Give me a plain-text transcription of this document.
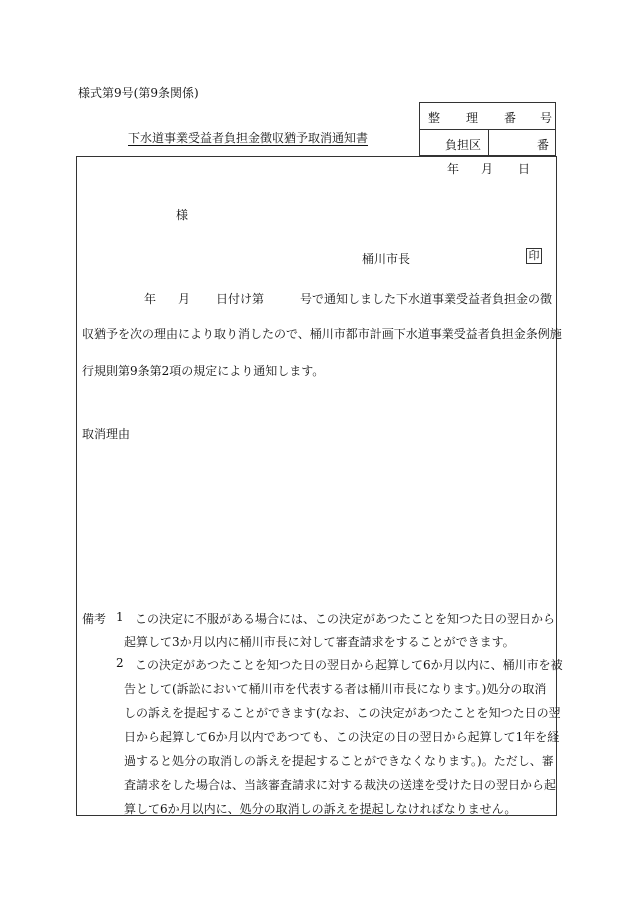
様式第9号(第9条関係)
下水道事業受益者負担金徴収猶予取消通知書
整 理 番 号
負担区	番
年 月 日
様
桶川市長	印
年 月 日付け第	号で通知しました下水道事業受益者負担金の徴
収猶予を次の理由により取り消したので、桶川市都市計画下水道事業受益者負担金条例施
行規則第9条第2項の規定により通知します。
取消理由
備考 1 この決定に不服がある場合には、この決定があつたことを知つた日の翌日から
起算して3か月以内に桶川市長に対して審査請求をすることができます。
2 この決定があつたことを知つた日の翌日から起算して6か月以内に、桶川市を被
告として(訴訟において桶川市を代表する者は桶川市長になります。)処分の取消
しの訴えを提起することができます(なお、この決定があつたことを知つた日の翌
日から起算して6か月以内であつても、この決定の日の翌日から起算して1年を経
過すると処分の取消しの訴えを提起することができなくなります。)。ただし、審
査請求をした場合は、当該審査請求に対する裁決の送達を受けた日の翌日から起
算して6か月以内に、処分の取消しの訴えを提起しなければなりません。
